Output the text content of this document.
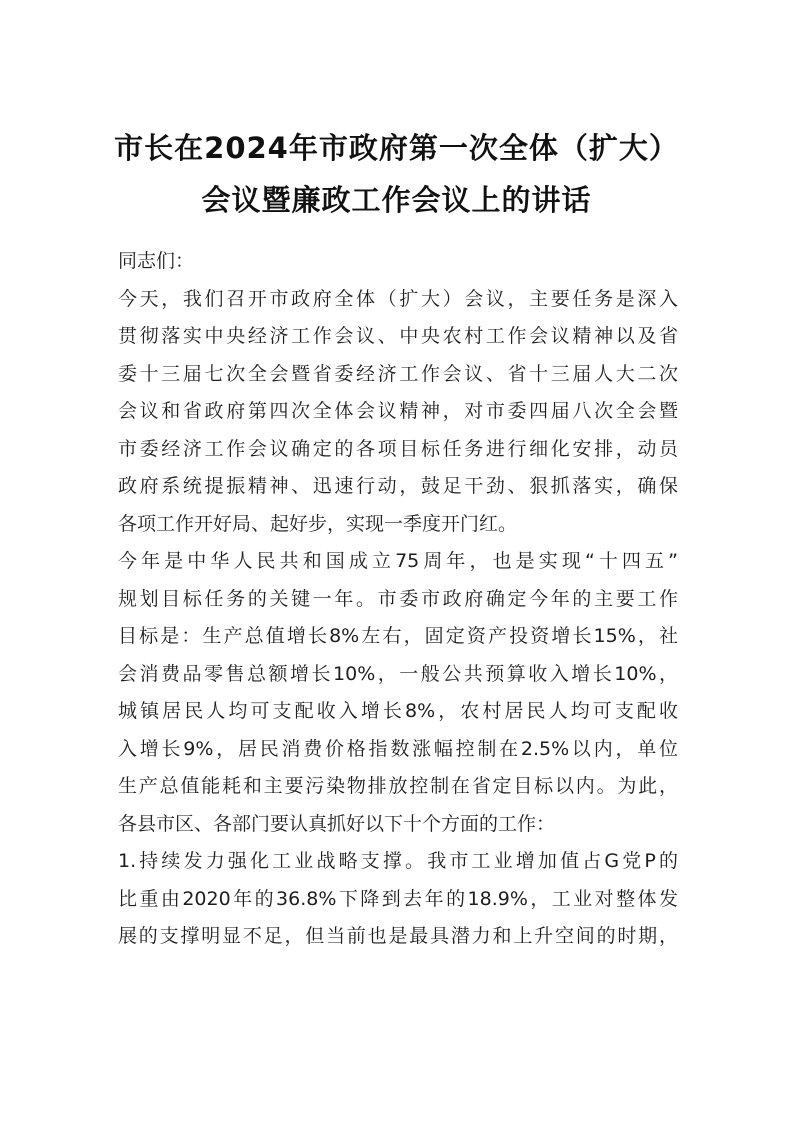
市长在2024年市政府第一次全体（扩大）
会议暨廉政工作会议上的讲话
同志们：
今天，我们召开市政府全体（扩大）会议，主要任务是深入
贯彻落实中央经济工作会议、中央农村工作会议精神以及省
委十三届七次全会暨省委经济工作会议、省十三届人大二次
会议和省政府第四次全体会议精神，对市委四届八次全会暨
市委经济工作会议确定的各项目标任务进行细化安排，动员
政府系统提振精神、迅速行动，鼓足干劲、狠抓落实，确保
各项工作开好局、起好步，实现一季度开门红。
今年是中华人民共和国成立75周年，也是实现“十四五”
规划目标任务的关键一年。市委市政府确定今年的主要工作
目标是：生产总值增长8%左右，固定资产投资增长15%，社
会消费品零售总额增长10%，一般公共预算收入增长10%，
城镇居民人均可支配收入增长8%，农村居民人均可支配收
入增长9%，居民消费价格指数涨幅控制在2.5%以内，单位
生产总值能耗和主要污染物排放控制在省定目标以内。为此，
各县市区、各部门要认真抓好以下十个方面的工作：
1.持续发力强化工业战略支撑。我市工业增加值占G党P的
比重由2020年的36.8%下降到去年的18.9%，工业对整体发
展的支撑明显不足，但当前也是最具潜力和上升空间的时期，
